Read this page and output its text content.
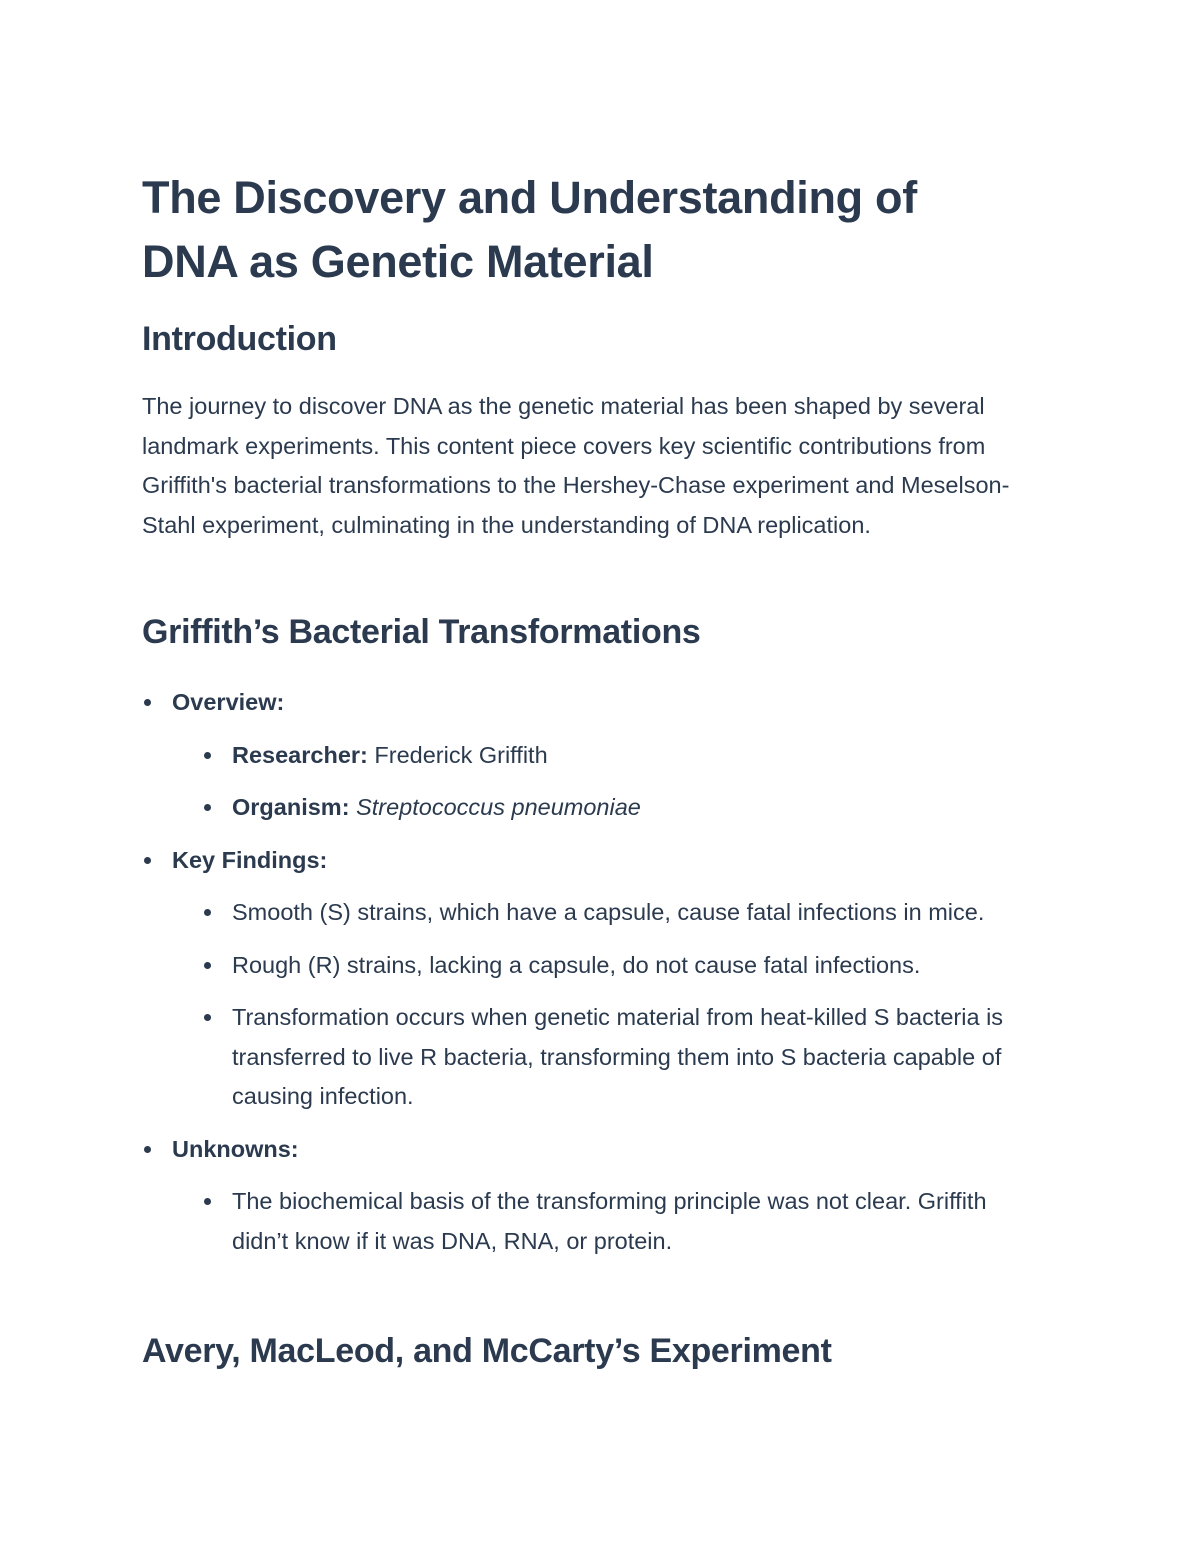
The Discovery and Understanding of DNA as Genetic Material
Introduction

The journey to discover DNA as the genetic material has been shaped by several landmark experiments. This content piece covers key scientific contributions from Griffith's bacterial transformations to the Hershey-Chase experiment and Meselson-Stahl experiment, culminating in the understanding of DNA replication.

Griffith’s Bacterial Transformations
Overview:
Researcher: Frederick Griffith
Organism: Streptococcus pneumoniae
Key Findings:
Smooth (S) strains, which have a capsule, cause fatal infections in mice.
Rough (R) strains, lacking a capsule, do not cause fatal infections.
Transformation occurs when genetic material from heat-killed S bacteria is transferred to live R bacteria, transforming them into S bacteria capable of causing infection.
Unknowns:
The biochemical basis of the transforming principle was not clear. Griffith didn’t know if it was DNA, RNA, or protein.
Avery, MacLeod, and McCarty’s Experiment
